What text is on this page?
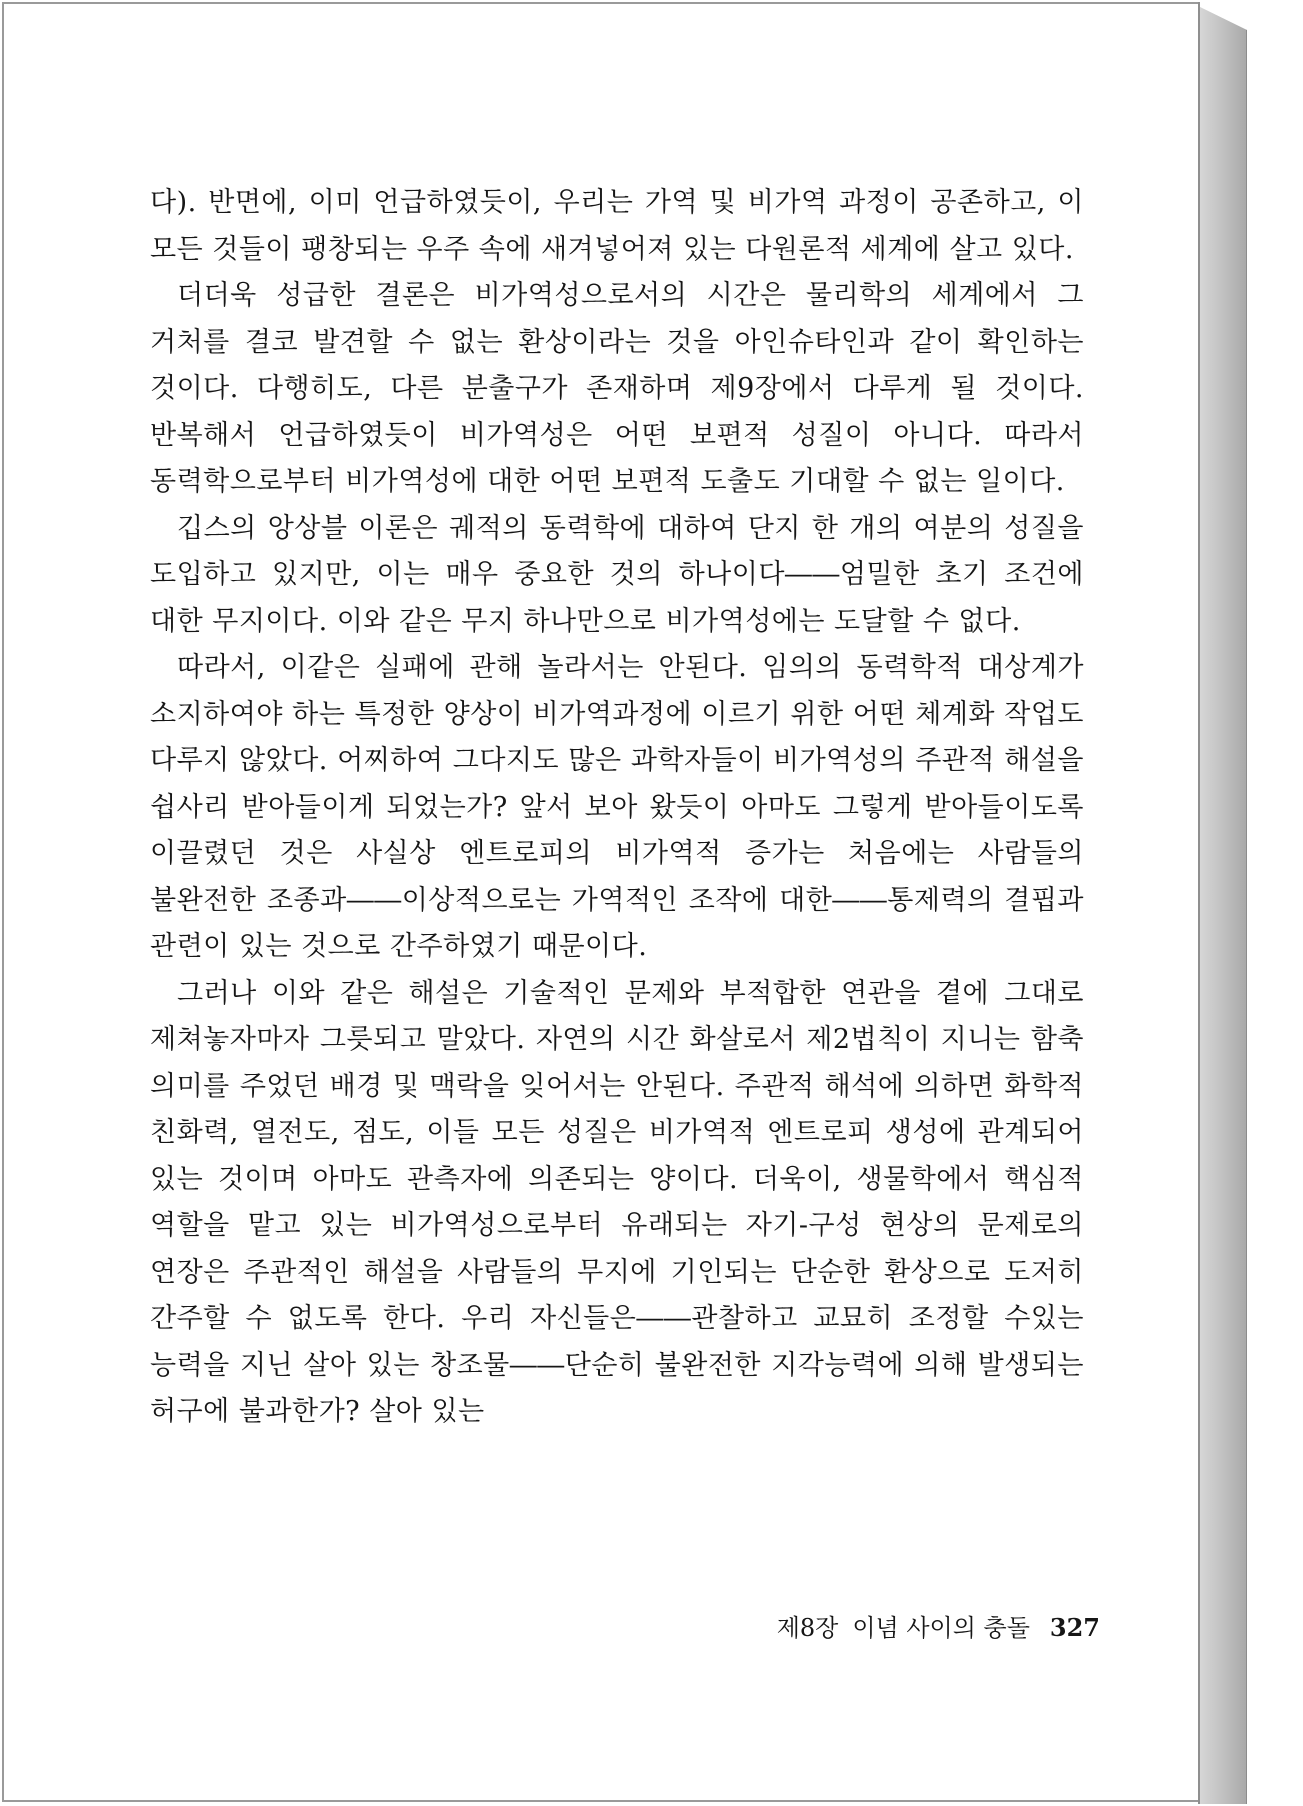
다). 반면에, 이미 언급하였듯이, 우리는 가역 및 비가역 과정이 공존하고, 이 모든 것들이 팽창되는 우주 속에 새겨넣어져 있는 다원론적 세계에 살고 있다.

더더욱 성급한 결론은 비가역성으로서의 시간은 물리학의 세계에서 그 거처를 결코 발견할 수 없는 환상이라는 것을 아인슈타인과 같이 확인하는 것이다. 다행히도, 다른 분출구가 존재하며 제9장에서 다루게 될 것이다. 반복해서 언급하였듯이 비가역성은 어떤 보편적 성질이 아니다. 따라서 동력학으로부터 비가역성에 대한 어떤 보편적 도출도 기대할 수 없는 일이다.

깁스의 앙상블 이론은 궤적의 동력학에 대하여 단지 한 개의 여분의 성질을 도입하고 있지만, 이는 매우 중요한 것의 하나이다――엄밀한 초기 조건에 대한 무지이다. 이와 같은 무지 하나만으로 비가역성에는 도달할 수 없다.

따라서, 이같은 실패에 관해 놀라서는 안된다. 임의의 동력학적 대상계가 소지하여야 하는 특정한 양상이 비가역과정에 이르기 위한 어떤 체계화 작업도 다루지 않았다. 어찌하여 그다지도 많은 과학자들이 비가역성의 주관적 해설을 쉽사리 받아들이게 되었는가? 앞서 보아 왔듯이 아마도 그렇게 받아들이도록 이끌렸던 것은 사실상 엔트로피의 비가역적 증가는 처음에는 사람들의 불완전한 조종과――이상적으로는 가역적인 조작에 대한――통제력의 결핍과 관련이 있는 것으로 간주하였기 때문이다.

그러나 이와 같은 해설은 기술적인 문제와 부적합한 연관을 곁에 그대로 제쳐놓자마자 그릇되고 말았다. 자연의 시간 화살로서 제2법칙이 지니는 함축 의미를 주었던 배경 및 맥락을 잊어서는 안된다. 주관적 해석에 의하면 화학적 친화력, 열전도, 점도, 이들 모든 성질은 비가역적 엔트로피 생성에 관계되어 있는 것이며 아마도 관측자에 의존되는 양이다. 더욱이, 생물학에서 핵심적 역할을 맡고 있는 비가역성으로부터 유래되는 자기-구성 현상의 문제로의 연장은 주관적인 해설을 사람들의 무지에 기인되는 단순한 환상으로 도저히 간주할 수 없도록 한다. 우리 자신들은――관찰하고 교묘히 조정할 수있는 능력을 지닌 살아 있는 창조물――단순히 불완전한 지각능력에 의해 발생되는 허구에 불과한가? 살아 있는

제8장 이념 사이의 충돌 327
